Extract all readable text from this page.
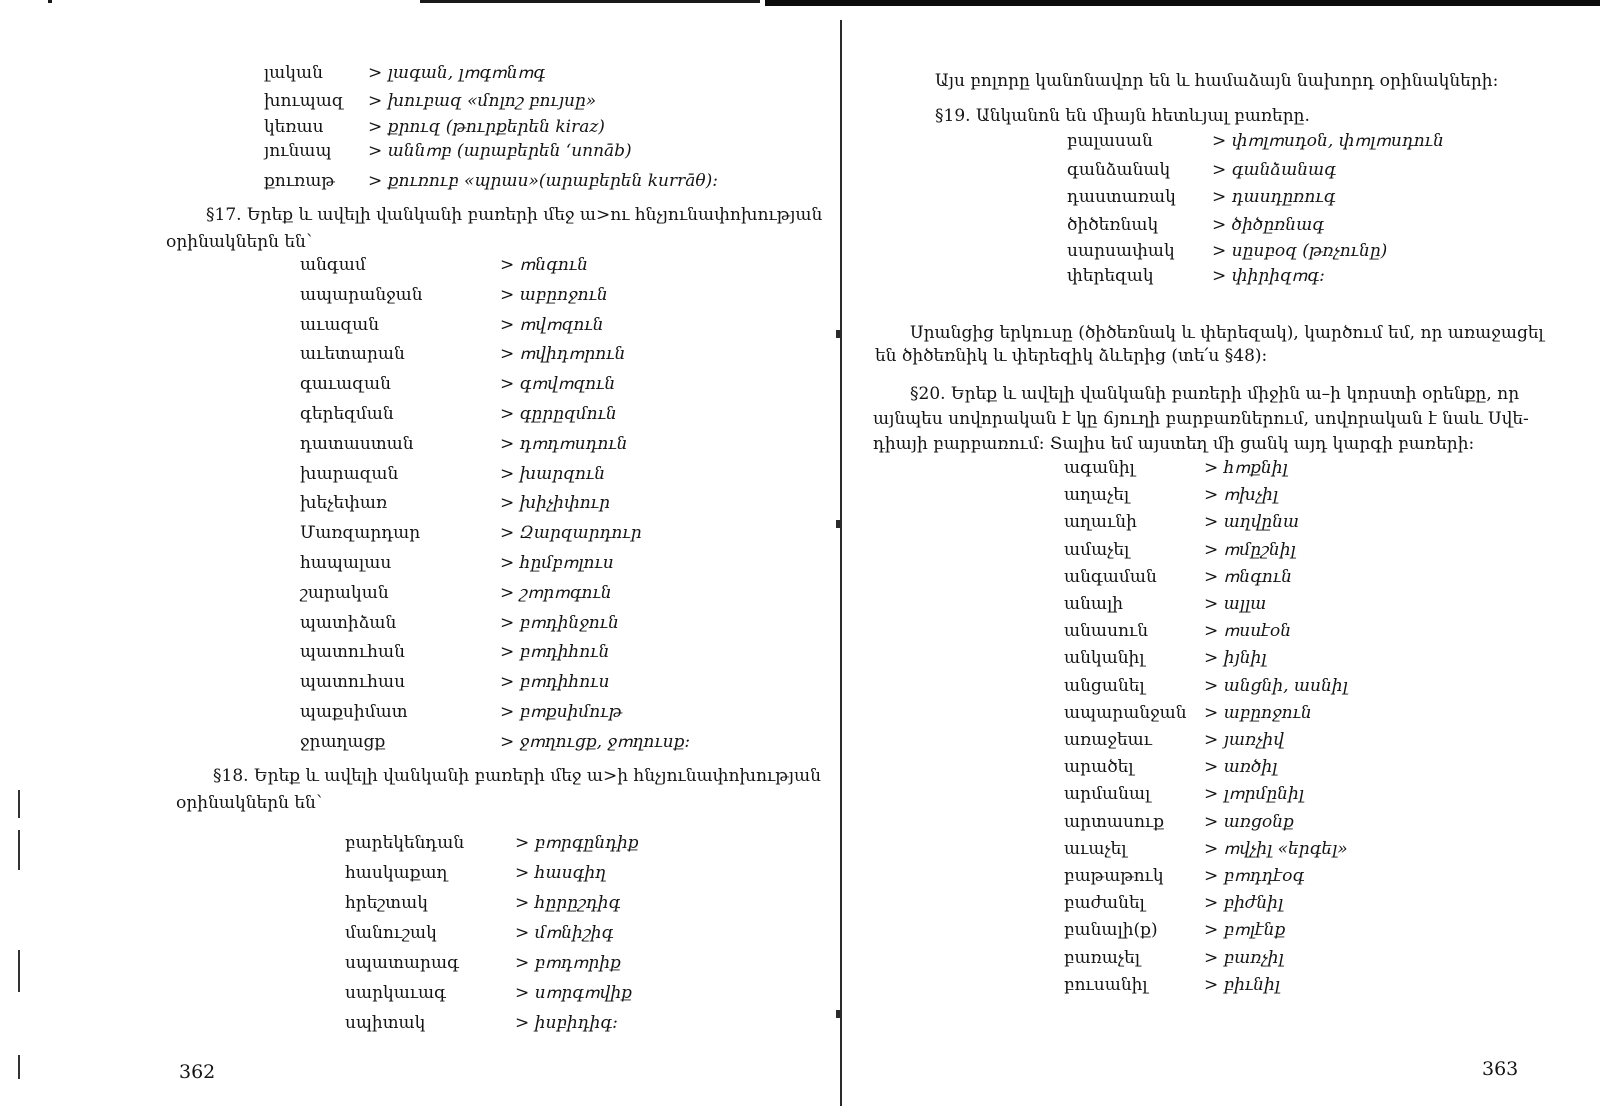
լական	> լագան, լՠգՠնՠգ
խուպազ > խուբազ «մոլոշ բույսը»
կեռաս	> քրուզ (թուրքերեն kiraz)
յունապ > աննՠբ (արաբերեն ʻunnāb)
քուռաթ > քուռուբ «պրաս»(արաբերեն kurrāθ):
§17. Երեք և ավելի վանկանի բառերի մեջ ա>ու հնչյունափոխության
օրինակներն են՝
անգամ	> ՠնգուն
ապարանջան	> աբըոջուն
աւազան	> ՠվՠզուն
աւետարան	> ՠվիդՠրուն
գաւազան	> գՠվՠզուն
գերեզման	> գըրըզմուն
դատաստան	> դՠդՠսդուն
խարազան	> խարզուն
խեչեփառ	> խիչիփուր
Մառզարդար	> Զարզարդուր
հապալաս	> հըմբՠլուս
շարական	> շՠրՠգուն
պատիձան	> բՠդինջուն
պատուհան	> բՠդիհուն
պատուհաս	> բՠդիհուս
պաքսիմատ	> բՠքսիմութ
ջրաղացք	> ջՠղուցք, ջՠղուսք:
§18. Երեք և ավելի վանկանի բառերի մեջ ա>ի հնչյունափոխության
օրինակներն են՝
բարեկենդան	> բՠրգընդիք
հասկաքաղ	> հասգիղ
հրեշտակ	> հըրըշդիգ
մանուշակ	> մՠնիշիգ
սպատարագ	> բՠդՠրիք
սարկաւագ	> սՠրգՠվիք
սպիտակ	> իսբիդիգ:
362
Այս բոլորը կանոնավոր են և համաձայն նախորդ օրինակների:
§19. Անկանոն են միայն հետևյալ բառերը.
բալասան	> փՠլՠսդօն, փՠլՠսդուն
գանձանակ > գանձանագ
դաստառակ > դասդըռուգ
ծիծեռնակ	> ծիծըռնագ
սարսափակ > սըսբօզ (թռչունը)
փերեզակ	> փիրիզՠգ:
Սրանցից երկուսը (ծիծեռնակ և փերեզակ), կարծում եմ, որ առաջացել
են ծիծեռնիկ և փերեզիկ ձևերից (տե՛ս §48):
§20. Երեք և ավելի վանկանի բառերի միջին ա–ի կորստի օրենքը, որ
այնպես սովորական է կը ճյուղի բարբառներում, սովորական է նաև Սվե-
դիայի բարբառում: Տալիս եմ այստեղ մի ցանկ այդ կարգի բառերի:
ագանիլ	> հՠքնիլ
աղաչել	> ՠխչիլ
աղաւնի	> աղվընա
ամաչել	> ՠմըշնիլ
անգաման	> ՠնգուն
անալի	> ալլա
անասուն	> ՠսսէօն
անկանիլ	> իյնիլ
անցանել	> անցնի, ասնիլ
ապարանջան > աբըոջուն
առաջեաւ	> յառչիվ
արածել	> առծիլ
արմանալ	> լՠրմընիլ
արտասուք > առցօնք
աւաչել	> ՠվչիլ «երգել»
բաթաթուկ > բՠդդէօգ
բաժանել	> բիժնիլ
բանալի(ք)	> բՠլէնք
բառաչել	> բառչիլ
բուսանիլ	> բիւնիլ
363
